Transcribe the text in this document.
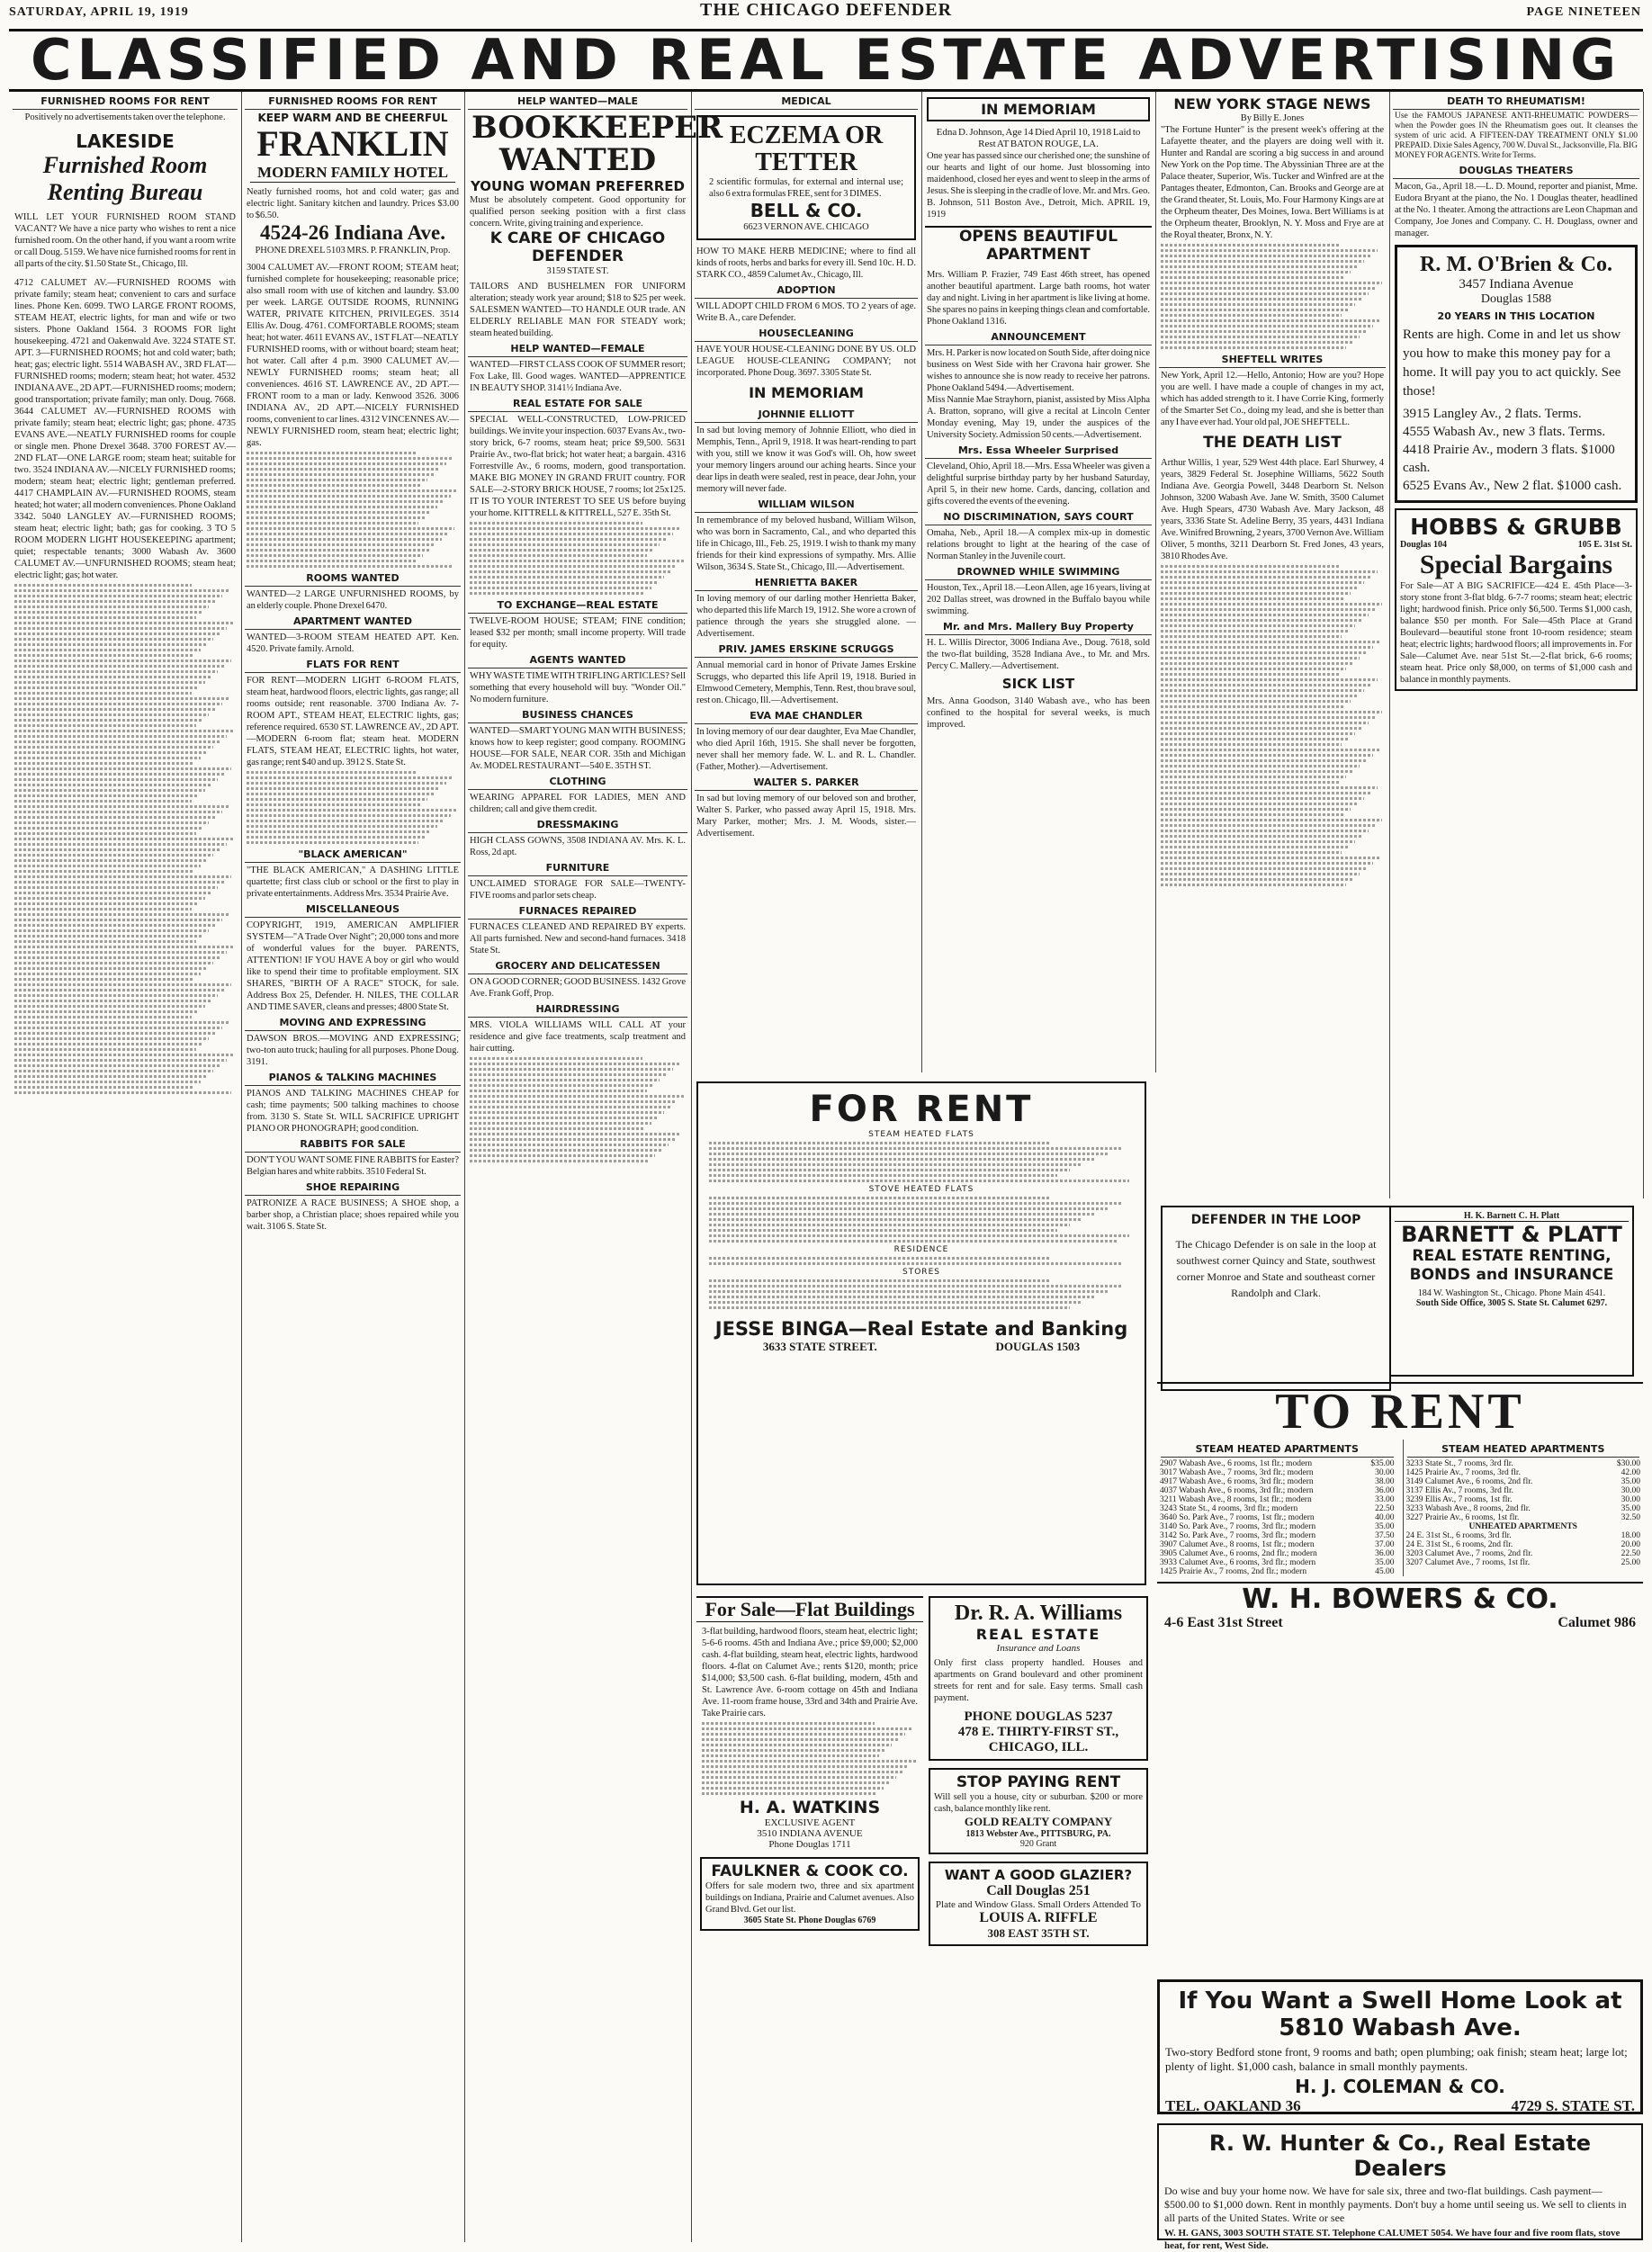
SATURDAY, APRIL 19, 1919	THE CHICAGO DEFENDER	PAGE NINETEEN
CLASSIFIED AND REAL ESTATE ADVERTISING
FURNISHED ROOMS FOR RENT
Positively no advertisements taken over the telephone.
LAKESIDE
Furnished Room Renting Bureau
WILL LET YOUR FURNISHED ROOM STAND VACANT? We have a nice party who wishes to rent a nice furnished room. On the other hand, if you want a room write or call Doug. 5159. We have nice furnished rooms for rent in all parts of the city. $1.50 State St., Chicago, Ill.
4712 CALUMET AV.—FURNISHED ROOMS with private family; steam heat; convenient to cars and surface lines. Phone Ken. 6099. TWO LARGE FRONT ROOMS, STEAM HEAT, electric lights, for man and wife or two sisters. Phone Oakland 1564. 3 ROOMS FOR light housekeeping. 4721 and Oakenwald Ave. 3224 STATE ST. APT. 3—FURNISHED ROOMS; hot and cold water; bath; heat; gas; electric light. 5514 WABASH AV., 3RD FLAT—FURNISHED rooms; modern; steam heat; hot water. 4532 INDIANA AVE., 2D APT.—FURNISHED rooms; modern; good transportation; private family; man only. Doug. 7668. 3644 CALUMET AV.—FURNISHED ROOMS with private family; steam heat; electric light; gas; phone. 4735 EVANS AVE.—NEATLY FURNISHED rooms for couple or single men. Phone Drexel 3648. 3700 FOREST AV.—2ND FLAT—ONE LARGE room; steam heat; suitable for two. 3524 INDIANA AV.—NICELY FURNISHED rooms; modern; steam heat; electric light; gentleman preferred. 4417 CHAMPLAIN AV.—FURNISHED ROOMS, steam heated; hot water; all modern conveniences. Phone Oakland 3342. 5040 LANGLEY AV.—FURNISHED ROOMS; steam heat; electric light; bath; gas for cooking. 3 TO 5 ROOM MODERN LIGHT HOUSEKEEPING apartment; quiet; respectable tenants; 3000 Wabash Av. 3600 CALUMET AV.—UNFURNISHED ROOMS; steam heat; electric light; gas; hot water.
FURNISHED ROOMS FOR RENT
KEEP WARM AND BE CHEERFUL
FRANKLIN
MODERN FAMILY HOTEL
Neatly furnished rooms, hot and cold water; gas and electric light. Sanitary kitchen and laundry. Prices $3.00 to $6.50.
4524-26 Indiana Ave.
PHONE DREXEL 5103 MRS. P. FRANKLIN, Prop.
3004 CALUMET AV.—FRONT ROOM; STEAM heat; furnished complete for housekeeping; reasonable price; also small room with use of kitchen and laundry. $3.00 per week. LARGE OUTSIDE ROOMS, RUNNING WATER, PRIVATE KITCHEN, PRIVILEGES. 3514 Ellis Av. Doug. 4761. COMFORTABLE ROOMS; steam heat; hot water. 4611 EVANS AV., 1ST FLAT—NEATLY FURNISHED rooms, with or without board; steam heat; hot water. Call after 4 p.m. 3900 CALUMET AV.—NEWLY FURNISHED rooms; steam heat; all conveniences. 4616 ST. LAWRENCE AV., 2D APT.—FRONT room to a man or lady. Kenwood 3526. 3006 INDIANA AV., 2D APT.—NICELY FURNISHED rooms, convenient to car lines. 4312 VINCENNES AV.—NEWLY FURNISHED room, steam heat; electric light; gas.
ROOMS WANTED
WANTED—2 LARGE UNFURNISHED ROOMS, by an elderly couple. Phone Drexel 6470.
APARTMENT WANTED
WANTED—3-ROOM STEAM HEATED APT. Ken. 4520. Private family. Arnold.
FLATS FOR RENT
FOR RENT—MODERN LIGHT 6-ROOM FLATS, steam heat, hardwood floors, electric lights, gas range; all rooms outside; rent reasonable. 3700 Indiana Av. 7-ROOM APT., STEAM HEAT, ELECTRIC lights, gas; reference required. 6530 ST. LAWRENCE AV., 2D APT.—MODERN 6-room flat; steam heat. MODERN FLATS, STEAM HEAT, ELECTRIC lights, hot water, gas range; rent $40 and up. 3912 S. State St.
"BLACK AMERICAN"
"THE BLACK AMERICAN," A DASHING LITTLE quartette; first class club or school or the first to play in private entertainments. Address Mrs. 3534 Prairie Ave.
MISCELLANEOUS
COPYRIGHT, 1919, AMERICAN AMPLIFIER SYSTEM—"A Trade Over Night"; 20,000 tons and more of wonderful values for the buyer. PARENTS, ATTENTION! IF YOU HAVE A boy or girl who would like to spend their time to profitable employment. SIX SHARES, "BIRTH OF A RACE" STOCK, for sale. Address Box 25, Defender. H. NILES, THE COLLAR AND TIME SAVER, cleans and presses; 4800 State St.
MOVING AND EXPRESSING
DAWSON BROS.—MOVING AND EXPRESSING; two-ton auto truck; hauling for all purposes. Phone Doug. 3191.
PIANOS & TALKING MACHINES
PIANOS AND TALKING MACHINES CHEAP for cash; time payments; 500 talking machines to choose from. 3130 S. State St. WILL SACRIFICE UPRIGHT PIANO OR PHONOGRAPH; good condition.
RABBITS FOR SALE
DON'T YOU WANT SOME FINE RABBITS for Easter? Belgian hares and white rabbits. 3510 Federal St.
SHOE REPAIRING
PATRONIZE A RACE BUSINESS; A SHOE shop, a barber shop, a Christian place; shoes repaired while you wait. 3106 S. State St.
HELP WANTED—MALE
BOOKKEEPER WANTED
YOUNG WOMAN PREFERRED
Must be absolutely competent. Good opportunity for qualified person seeking position with a first class concern. Write, giving training and experience.
K CARE OF CHICAGO DEFENDER
3159 STATE ST.
TAILORS AND BUSHELMEN FOR UNIFORM alteration; steady work year around; $18 to $25 per week. SALESMEN WANTED—TO HANDLE OUR trade. AN ELDERLY RELIABLE MAN FOR STEADY work; steam heated building.
HELP WANTED—FEMALE
WANTED—FIRST CLASS COOK OF SUMMER resort; Fox Lake, Ill. Good wages. WANTED—APPRENTICE IN BEAUTY SHOP. 3141½ Indiana Ave.
REAL ESTATE FOR SALE
SPECIAL WELL-CONSTRUCTED, LOW-PRICED buildings. We invite your inspection. 6037 Evans Av., two-story brick, 6-7 rooms, steam heat; price $9,500. 5631 Prairie Av., two-flat brick; hot water heat; a bargain. 4316 Forrestville Av., 6 rooms, modern, good transportation. MAKE BIG MONEY IN GRAND FRUIT country. FOR SALE—2-STORY BRICK HOUSE, 7 rooms; lot 25x125. IT IS TO YOUR INTEREST TO SEE US before buying your home. KITTRELL & KITTRELL, 527 E. 35th St.
TO EXCHANGE—REAL ESTATE
TWELVE-ROOM HOUSE; STEAM; FINE condition; leased $32 per month; small income property. Will trade for equity.
AGENTS WANTED
WHY WASTE TIME WITH TRIFLING ARTICLES? Sell something that every household will buy. "Wonder Oil." No modern furniture.
BUSINESS CHANCES
WANTED—SMART YOUNG MAN WITH BUSINESS; knows how to keep register; good company. ROOMING HOUSE—FOR SALE, NEAR COR. 35th and Michigan Av. MODEL RESTAURANT—540 E. 35TH ST.
CLOTHING
WEARING APPAREL FOR LADIES, MEN AND children; call and give them credit.
DRESSMAKING
HIGH CLASS GOWNS, 3508 INDIANA AV. Mrs. K. L. Ross, 2d apt.
FURNITURE
UNCLAIMED STORAGE FOR SALE—TWENTY-FIVE rooms and parlor sets cheap.
FURNACES REPAIRED
FURNACES CLEANED AND REPAIRED BY experts. All parts furnished. New and second-hand furnaces. 3418 State St.
GROCERY AND DELICATESSEN
ON A GOOD CORNER; GOOD BUSINESS. 1432 Grove Ave. Frank Goff, Prop.
HAIRDRESSING
MRS. VIOLA WILLIAMS WILL CALL AT your residence and give face treatments, scalp treatment and hair cutting.
MEDICAL
ECZEMA OR TETTER
2 scientific formulas, for external and internal use; also 6 extra formulas FREE, sent for 3 DIMES.
BELL & CO.
6623 VERNON AVE. CHICAGO
HOW TO MAKE HERB MEDICINE; where to find all kinds of roots, herbs and barks for every ill. Send 10c. H. D. STARK CO., 4859 Calumet Av., Chicago, Ill.
ADOPTION
WILL ADOPT CHILD FROM 6 MOS. TO 2 years of age. Write B. A., care Defender.
HOUSECLEANING
HAVE YOUR HOUSE-CLEANING DONE BY US. OLD LEAGUE HOUSE-CLEANING COMPANY; not incorporated. Phone Doug. 3697. 3305 State St.
IN MEMORIAM
JOHNNIE ELLIOTT
In sad but loving memory of Johnnie Elliott, who died in Memphis, Tenn., April 9, 1918. It was heart-rending to part with you, still we know it was God's will. Oh, how sweet your memory lingers around our aching hearts. Since your dear lips in death were sealed, rest in peace, dear John, your memory will never fade.
WILLIAM WILSON
In remembrance of my beloved husband, William Wilson, who was born in Sacramento, Cal., and who departed this life in Chicago, Ill., Feb. 25, 1919. I wish to thank my many friends for their kind expressions of sympathy. Mrs. Allie Wilson, 3634 S. State St., Chicago, Ill.—Advertisement.
HENRIETTA BAKER
In loving memory of our darling mother Henrietta Baker, who departed this life March 19, 1912. She wore a crown of patience through the years she struggled alone. —Advertisement.
PRIV. JAMES ERSKINE SCRUGGS
Annual memorial card in honor of Private James Erskine Scruggs, who departed this life April 19, 1918. Buried in Elmwood Cemetery, Memphis, Tenn. Rest, thou brave soul, rest on. Chicago, Ill.—Advertisement.
EVA MAE CHANDLER
In loving memory of our dear daughter, Eva Mae Chandler, who died April 16th, 1915. She shall never be forgotten, never shall her memory fade. W. L. and R. L. Chandler. (Father, Mother).—Advertisement.
WALTER S. PARKER
In sad but loving memory of our beloved son and brother, Walter S. Parker, who passed away April 15, 1918. Mrs. Mary Parker, mother; Mrs. J. M. Woods, sister.—Advertisement.
IN MEMORIAM
Edna D. Johnson, Age 14 Died April 10, 1918 Laid to Rest AT BATON ROUGE, LA.
One year has passed since our cherished one; the sunshine of our hearts and light of our home. Just blossoming into maidenhood, closed her eyes and went to sleep in the arms of Jesus. She is sleeping in the cradle of love. Mr. and Mrs. Geo. B. Johnson, 511 Boston Ave., Detroit, Mich. APRIL 19, 1919
OPENS BEAUTIFUL APARTMENT
Mrs. William P. Frazier, 749 East 46th street, has opened another beautiful apartment. Large bath rooms, hot water day and night. Living in her apartment is like living at home. She spares no pains in keeping things clean and comfortable. Phone Oakland 1316.
ANNOUNCEMENT
Mrs. H. Parker is now located on South Side, after doing nice business on West Side with her Cravona hair grower. She wishes to announce she is now ready to receive her patrons. Phone Oakland 5494.—Advertisement.
Miss Nannie Mae Strayhorn, pianist, assisted by Miss Alpha A. Bratton, soprano, will give a recital at Lincoln Center Monday evening, May 19, under the auspices of the University Society. Admission 50 cents.—Advertisement.
Mrs. Essa Wheeler Surprised
Cleveland, Ohio, April 18.—Mrs. Essa Wheeler was given a delightful surprise birthday party by her husband Saturday, April 5, in their new home. Cards, dancing, collation and gifts covered the events of the evening.
NO DISCRIMINATION, SAYS COURT
Omaha, Neb., April 18.—A complex mix-up in domestic relations brought to light at the hearing of the case of Norman Stanley in the Juvenile court.
DROWNED WHILE SWIMMING
Houston, Tex., April 18.—Leon Allen, age 16 years, living at 202 Dallas street, was drowned in the Buffalo bayou while swimming.
Mr. and Mrs. Mallery Buy Property
H. L. Willis Director, 3006 Indiana Ave., Doug. 7618, sold the two-flat building, 3528 Indiana Ave., to Mr. and Mrs. Percy C. Mallery.—Advertisement.
SICK LIST
Mrs. Anna Goodson, 3140 Wabash ave., who has been confined to the hospital for several weeks, is much improved.
NEW YORK STAGE NEWS
By Billy E. Jones
"The Fortune Hunter" is the present week's offering at the Lafayette theater, and the players are doing well with it. Hunter and Randal are scoring a big success in and around New York on the Pop time. The Abyssinian Three are at the Palace theater, Superior, Wis. Tucker and Winfred are at the Pantages theater, Edmonton, Can. Brooks and George are at the Grand theater, St. Louis, Mo. Four Harmony Kings are at the Orpheum theater, Des Moines, Iowa. Bert Williams is at the Orpheum theater, Brooklyn, N. Y. Moss and Frye are at the Royal theater, Bronx, N. Y.
SHEFTELL WRITES
New York, April 12.—Hello, Antonio; How are you? Hope you are well. I have made a couple of changes in my act, which has added strength to it. I have Corrie King, formerly of the Smarter Set Co., doing my lead, and she is better than any I have ever had. Your old pal, JOE SHEFTELL.
THE DEATH LIST
Arthur Willis, 1 year, 529 West 44th place. Earl Shurwey, 4 years, 3829 Federal St. Josephine Williams, 5622 South Indiana Ave. Georgia Powell, 3448 Dearborn St. Nelson Johnson, 3200 Wabash Ave. Jane W. Smith, 3500 Calumet Ave. Hugh Spears, 4730 Wabash Ave. Mary Jackson, 48 years, 3336 State St. Adeline Berry, 35 years, 4431 Indiana Ave. Winifred Browning, 2 years, 3700 Vernon Ave. William Oliver, 5 months, 3211 Dearborn St. Fred Jones, 43 years, 3810 Rhodes Ave.
DEATH TO RHEUMATISM!
Use the FAMOUS JAPANESE ANTI-RHEUMATIC POWDERS—when the Powder goes IN the Rheumatism goes out. It cleanses the system of uric acid. A FIFTEEN-DAY TREATMENT ONLY $1.00 PREPAID. Dixie Sales Agency, 700 W. Duval St., Jacksonville, Fla. BIG MONEY FOR AGENTS. Write for Terms.
DOUGLAS THEATERS
Macon, Ga., April 18.—L. D. Mound, reporter and pianist, Mme. Eudora Bryant at the piano, the No. 1 Douglas theater, headlined at the No. 1 theater. Among the attractions are Leon Chapman and Company, Joe Jones and Company. C. H. Douglass, owner and manager.
R. M. O'Brien & Co.
3457 Indiana Avenue
Douglas 1588
20 YEARS IN THIS LOCATION
Rents are high. Come in and let us show you how to make this money pay for a home. It will pay you to act quickly. See those!
3915 Langley Av., 2 flats. Terms.
4555 Wabash Av., new 3 flats. Terms.
4418 Prairie Av., modern 3 flats. $1000 cash.
6525 Evans Av., New 2 flat. $1000 cash.
HOBBS & GRUBB
Douglas 104	105 E. 31st St.
Special Bargains
For Sale—AT A BIG SACRIFICE—424 E. 45th Place—3-story stone front 3-flat bldg. 6-7-7 rooms; steam heat; electric light; hardwood finish. Price only $6,500. Terms $1,000 cash, balance $50 per month. For Sale—45th Place at Grand Boulevard—beautiful stone front 10-room residence; steam heat; electric lights; hardwood floors; all improvements in. For Sale—Calumet Ave. near 51st St.—2-flat brick, 6-6 rooms; steam heat. Price only $8,000, on terms of $1,000 cash and balance in monthly payments.
DEFENDER IN THE LOOP
The Chicago Defender is on sale in the loop at southwest corner Quincy and State, southwest corner Monroe and State and southeast corner Randolph and Clark.
H. K. Barnett C. H. Platt
BARNETT & PLATT
REAL ESTATE RENTING, BONDS and INSURANCE
184 W. Washington St., Chicago. Phone Main 4541.
South Side Office, 3005 S. State St. Calumet 6297.
TO RENT
STEAM HEATED APARTMENTS
2907 Wabash Ave., 6 rooms, 1st flr.; modern	$35.00
3017 Wabash Ave., 7 rooms, 3rd flr.; modern	30.00
4917 Wabash Ave., 6 rooms, 3rd flr.; modern	38.00
4037 Wabash Ave., 6 rooms, 3rd flr.; modern	36.00
3211 Wabash Ave., 8 rooms, 1st flr.; modern	33.00
3243 State St., 4 rooms, 3rd flr.; modern	22.50
3640 So. Park Ave., 7 rooms, 1st flr.; modern	40.00
3140 So. Park Ave., 7 rooms, 3rd flr.; modern	35.00
3142 So. Park Ave., 7 rooms, 3rd flr.; modern	37.50
3907 Calumet Ave., 8 rooms, 1st flr.; modern	37.00
3905 Calumet Ave., 6 rooms, 2nd flr.; modern	36.00
3933 Calumet Ave., 6 rooms, 3rd flr.; modern	35.00
1425 Prairie Av., 7 rooms, 2nd flr.; modern	45.00
STEAM HEATED APARTMENTS
3233 State St., 7 rooms, 3rd flr.	$30.00
1425 Prairie Av., 7 rooms, 3rd flr.	42.00
3149 Calumet Ave., 6 rooms, 2nd flr.	35.00
3137 Ellis Av., 7 rooms, 3rd flr.	30.00
3239 Ellis Av., 7 rooms, 1st flr.	30.00
3233 Wabash Ave., 8 rooms, 2nd flr.	35.00
3227 Prairie Av., 6 rooms, 1st flr.	32.50
UNHEATED APARTMENTS	
24 E. 31st St., 6 rooms, 3rd flr.	18.00
24 E. 31st St., 6 rooms, 2nd flr.	20.00
3203 Calumet Ave., 7 rooms, 2nd flr.	22.50
3207 Calumet Ave., 7 rooms, 1st flr.	25.00
W. H. BOWERS & CO.
4-6 East 31st Street	Calumet 986
If You Want a Swell Home Look at 5810 Wabash Ave.
Two-story Bedford stone front, 9 rooms and bath; open plumbing; oak finish; steam heat; large lot; plenty of light. $1,000 cash, balance in small monthly payments.
H. J. COLEMAN & CO.
TEL. OAKLAND 36	4729 S. STATE ST.
R. W. Hunter & Co., Real Estate Dealers
Do wise and buy your home now. We have for sale six, three and two-flat buildings. Cash payment—$500.00 to $1,000 down. Rent in monthly payments. Don't buy a home until seeing us. We sell to clients in all parts of the United States. Write or see
W. H. GANS, 3003 SOUTH STATE ST. Telephone CALUMET 5054. We have four and five room flats, stove heat, for rent, West Side.
FOR RENT
STEAM HEATED FLATS
STOVE HEATED FLATS
RESIDENCE
STORES
JESSE BINGA—Real Estate and Banking
3633 STATE STREET.	DOUGLAS 1503
For Sale—Flat Buildings
3-flat building, hardwood floors, steam heat, electric light; 5-6-6 rooms. 45th and Indiana Ave.; price $9,000; $2,000 cash. 4-flat building, steam heat, electric lights, hardwood floors. 4-flat on Calumet Ave.; rents $120, month; price $14,000; $3,500 cash. 6-flat building, modern, 45th and St. Lawrence Ave. 6-room cottage on 45th and Indiana Ave. 11-room frame house, 33rd and 34th and Prairie Ave. Take Prairie cars.
H. A. WATKINS
EXCLUSIVE AGENT
3510 INDIANA AVENUE
Phone Douglas 1711
FAULKNER & COOK CO.
Offers for sale modern two, three and six apartment buildings on Indiana, Prairie and Calumet avenues. Also Grand Blvd. Get our list.
3605 State St. Phone Douglas 6769
Dr. R. A. Williams
REAL ESTATE
Insurance and Loans
Only first class property handled. Houses and apartments on Grand boulevard and other prominent streets for rent and for sale. Easy terms. Small cash payment.
PHONE DOUGLAS 5237
478 E. THIRTY-FIRST ST., CHICAGO, ILL.
STOP PAYING RENT
Will sell you a house, city or suburban. $200 or more cash, balance monthly like rent.
GOLD REALTY COMPANY
1813 Webster Ave., PITTSBURG, PA.
920 Grant
WANT A GOOD GLAZIER?
Call Douglas 251
Plate and Window Glass. Small Orders Attended To
LOUIS A. RIFFLE
308 EAST 35TH ST.
